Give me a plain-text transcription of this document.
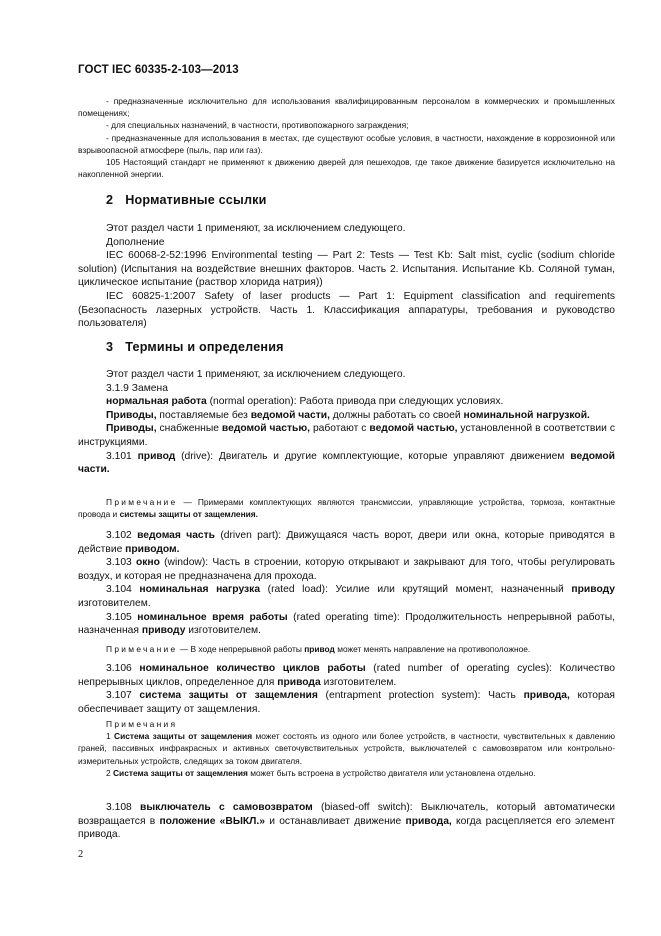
ГОСТ IEC 60335-2-103—2013

- предназначенные исключительно для использования квалифицированным персоналом в коммерческих и промышленных помещениях;

- для специальных назначений, в частности, противопожарного заграждения;

- предназначенные для использования в местах, где существуют особые условия, в частности, нахождение в коррозионной или взрывоопасной атмосфере (пыль, пар или газ).

105 Настоящий стандарт не применяют к движению дверей для пешеходов, где такое движение базируется исключительно на накопленной энергии.

2 Нормативные ссылки

Этот раздел части 1 применяют, за исключением следующего.

Дополнение

IEC 60068-2-52:1996 Environmental testing — Part 2: Tests — Test Kb: Salt mist, cyclic (sodium chloride solution) (Испытания на воздействие внешних факторов. Часть 2. Испытания. Испытание Kb. Соляной туман, циклическое испытание (раствор хлорида натрия))

IEC 60825-1:2007 Safety of laser products — Part 1: Equipment classification and requirements (Безопасность лазерных устройств. Часть 1. Классификация аппаратуры, требования и руководство пользователя)

3 Термины и определения

Этот раздел части 1 применяют, за исключением следующего.

3.1.9 Замена

нормальная работа (normal operation): Работа привода при следующих условиях.

Приводы, поставляемые без ведомой части, должны работать со своей номинальной нагрузкой.

Приводы, снабженные ведомой частью, работают с ведомой частью, установленной в соответствии с инструкциями.

3.101 привод (drive): Двигатель и другие комплектующие, которые управляют движением ведомой части.

Примечание — Примерами комплектующих являются трансмиссии, управляющие устройства, тормоза, контактные провода и системы защиты от защемления.

3.102 ведомая часть (driven part): Движущаяся часть ворот, двери или окна, которые приводятся в действие приводом.

3.103 окно (window): Часть в строении, которую открывают и закрывают для того, чтобы регулировать воздух, и которая не предназначена для прохода.

3.104 номинальная нагрузка (rated load): Усилие или крутящий момент, назначенный приводу изготовителем.

3.105 номинальное время работы (rated operating time): Продолжительность непрерывной работы, назначенная приводу изготовителем.

Примечание — В ходе непрерывной работы привод может менять направление на противоположное.

3.106 номинальное количество циклов работы (rated number of operating cycles): Количество непрерывных циклов, определенное для привода изготовителем.

3.107 система защиты от защемления (entrapment protection system): Часть привода, которая обеспечивает защиту от защемления.

Примечания

1 Система защиты от защемления может состоять из одного или более устройств, в частности, чувствительных к давлению граней, пассивных инфракрасных и активных светочувствительных устройств, выключателей с самовозвратом или контрольно-измерительных устройств, следящих за током двигателя.

2 Система защиты от защемления может быть встроена в устройство двигателя или установлена отдельно.

3.108 выключатель с самовозвратом (biased-off switch): Выключатель, который автоматически возвращается в положение «ВЫКЛ.» и останавливает движение привода, когда расцепляется его элемент привода.

2
